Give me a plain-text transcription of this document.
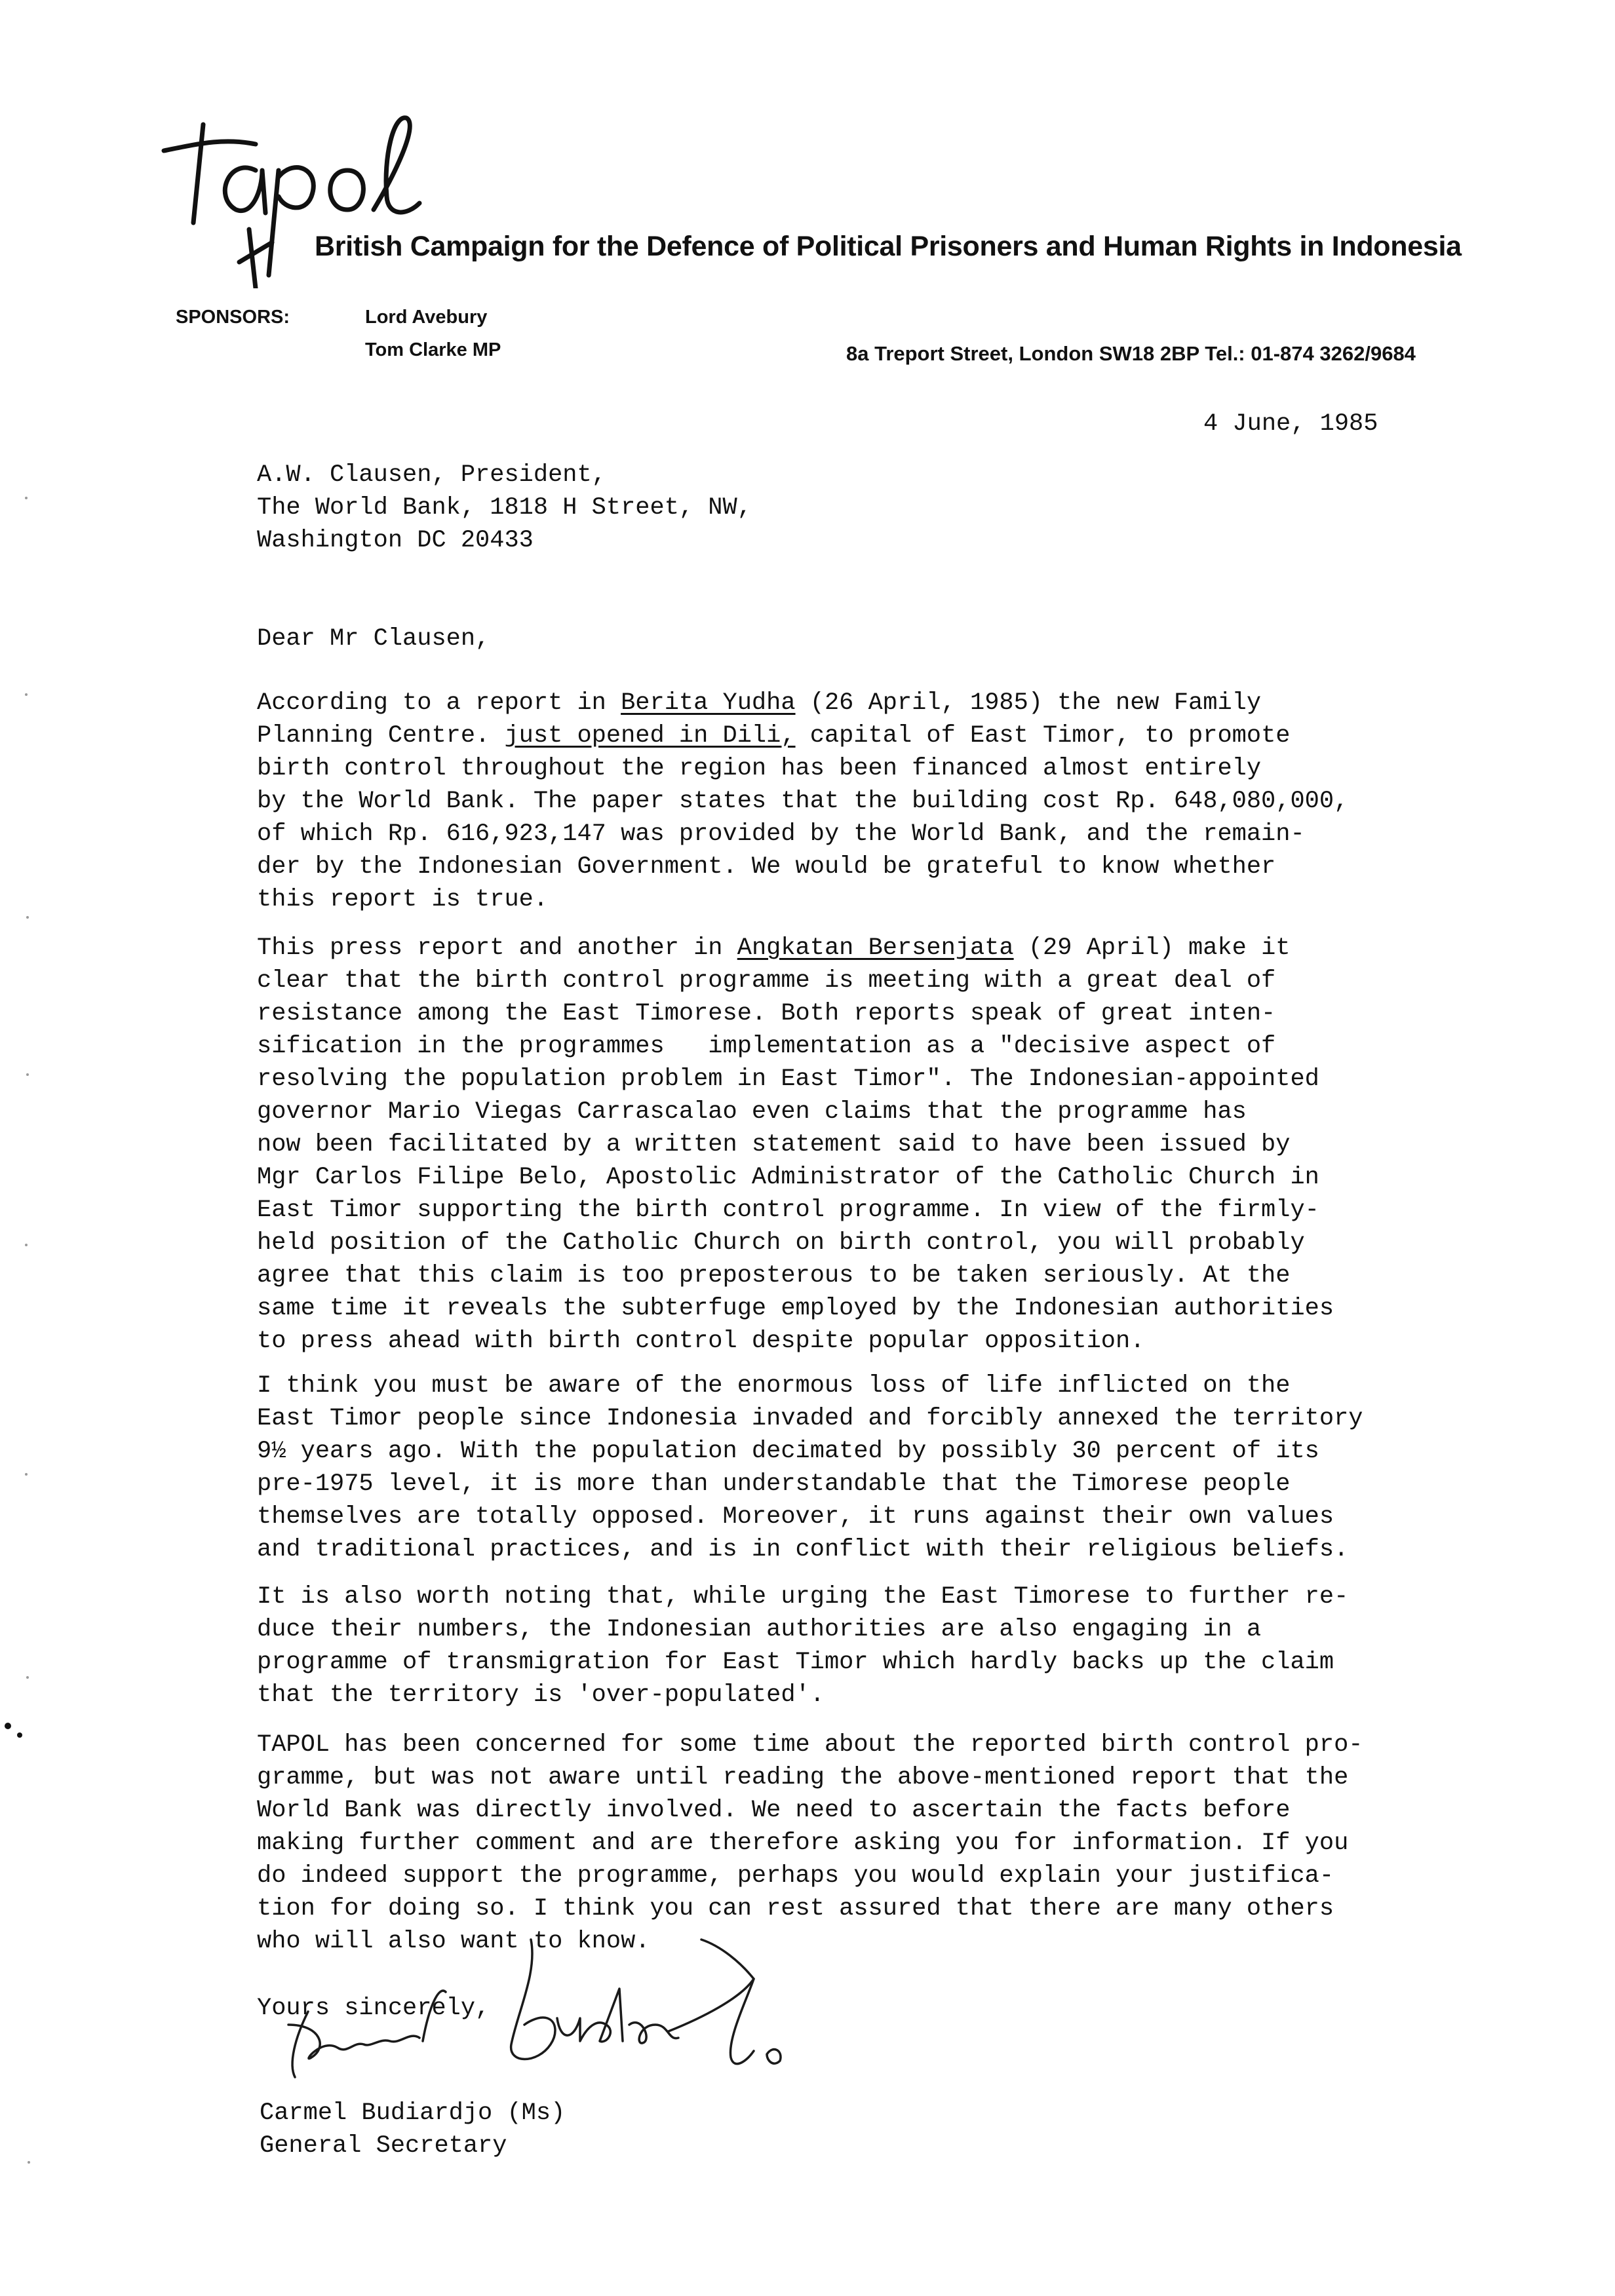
British Campaign for the Defence of Political Prisoners and Human Rights in Indonesia
SPONSORS:	Lord Avebury
Tom Clarke MP	8a Treport Street, London SW18 2BP Tel.: 01-874 3262/9684
4 June, 1985
A.W. Clausen, President,
The World Bank, 1818 H Street, NW,
Washington DC 20433
Dear Mr Clausen,
According to a report in Berita Yudha (26 April, 1985) the new Family
Planning Centre. just opened in Dili, capital of East Timor, to promote
birth control throughout the region has been financed almost entirely
by the World Bank. The paper states that the building cost Rp. 648,080,000,
of which Rp. 616,923,147 was provided by the World Bank, and the remain-
der by the Indonesian Government. We would be grateful to know whether
this report is true.
This press report and another in Angkatan Bersenjata (29 April) make it
clear that the birth control programme is meeting with a great deal of
resistance among the East Timorese. Both reports speak of great inten-
sification in the programmes   implementation as a "decisive aspect of
resolving the population problem in East Timor". The Indonesian-appointed
governor Mario Viegas Carrascalao even claims that the programme has
now been facilitated by a written statement said to have been issued by
Mgr Carlos Filipe Belo, Apostolic Administrator of the Catholic Church in
East Timor supporting the birth control programme. In view of the firmly-
held position of the Catholic Church on birth control, you will probably
agree that this claim is too preposterous to be taken seriously. At the
same time it reveals the subterfuge employed by the Indonesian authorities
to press ahead with birth control despite popular opposition.
I think you must be aware of the enormous loss of life inflicted on the
East Timor people since Indonesia invaded and forcibly annexed the territory
9½ years ago. With the population decimated by possibly 30 percent of its
pre-1975 level, it is more than understandable that the Timorese people
themselves are totally opposed. Moreover, it runs against their own values
and traditional practices, and is in conflict with their religious beliefs.
It is also worth noting that, while urging the East Timorese to further re-
duce their numbers, the Indonesian authorities are also engaging in a
programme of transmigration for East Timor which hardly backs up the claim
that the territory is 'over-populated'.
TAPOL has been concerned for some time about the reported birth control pro-
gramme, but was not aware until reading the above-mentioned report that the
World Bank was directly involved. We need to ascertain the facts before
making further comment and are therefore asking you for information. If you
do indeed support the programme, perhaps you would explain your justifica-
tion for doing so. I think you can rest assured that there are many others
who will also want to know.
Yours sincerely,
Carmel Budiardjo (Ms)
General Secretary
